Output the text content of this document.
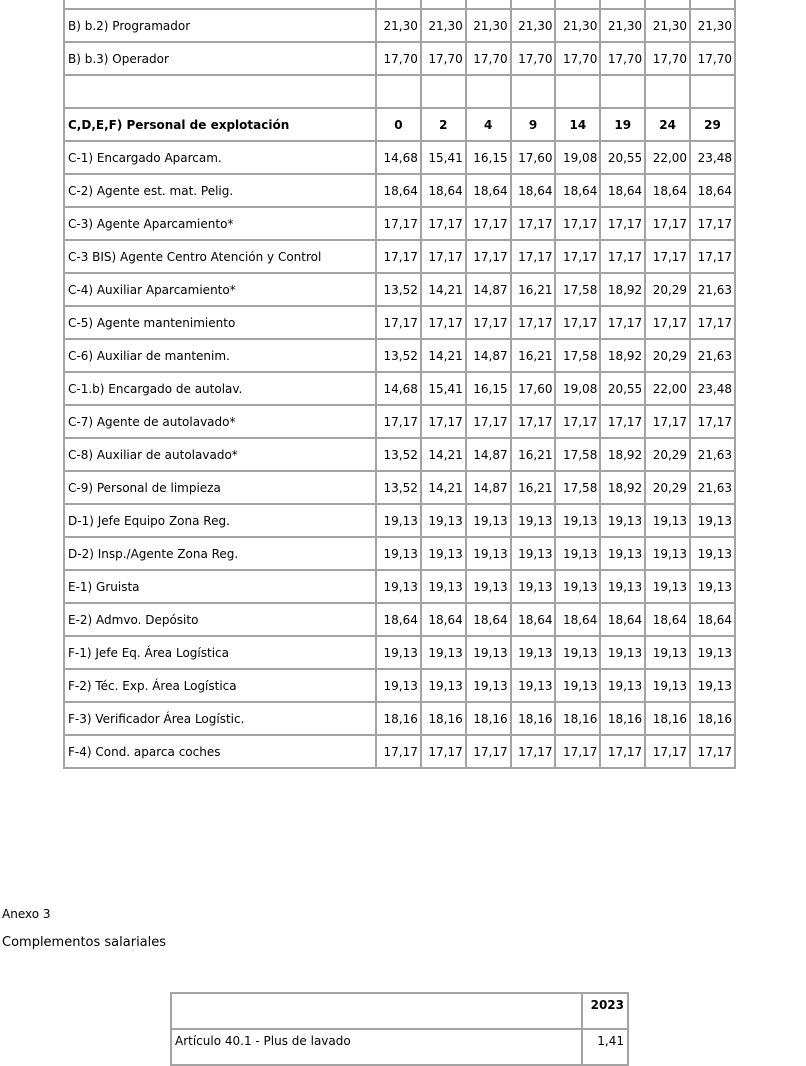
B) b.2) Programador	21,30	21,30	21,30	21,30	21,30	21,30	21,30	21,30
B) b.3) Operador	17,70	17,70	17,70	17,70	17,70	17,70	17,70	17,70

C,D,E,F) Personal de explotación	0	2	4	9	14	19	24	29
C-1) Encargado Aparcam.	14,68	15,41	16,15	17,60	19,08	20,55	22,00	23,48
C-2) Agente est. mat. Pelig.	18,64	18,64	18,64	18,64	18,64	18,64	18,64	18,64
C-3) Agente Aparcamiento*	17,17	17,17	17,17	17,17	17,17	17,17	17,17	17,17
C-3 BIS) Agente Centro Atención y Control	17,17	17,17	17,17	17,17	17,17	17,17	17,17	17,17
C-4) Auxiliar Aparcamiento*	13,52	14,21	14,87	16,21	17,58	18,92	20,29	21,63
C-5) Agente mantenimiento	17,17	17,17	17,17	17,17	17,17	17,17	17,17	17,17
C-6) Auxiliar de mantenim.	13,52	14,21	14,87	16,21	17,58	18,92	20,29	21,63
C-1.b) Encargado de autolav.	14,68	15,41	16,15	17,60	19,08	20,55	22,00	23,48
C-7) Agente de autolavado*	17,17	17,17	17,17	17,17	17,17	17,17	17,17	17,17
C-8) Auxiliar de autolavado*	13,52	14,21	14,87	16,21	17,58	18,92	20,29	21,63
C-9) Personal de limpieza	13,52	14,21	14,87	16,21	17,58	18,92	20,29	21,63
D-1) Jefe Equipo Zona Reg.	19,13	19,13	19,13	19,13	19,13	19,13	19,13	19,13
D-2) Insp./Agente Zona Reg.	19,13	19,13	19,13	19,13	19,13	19,13	19,13	19,13
E-1) Gruista	19,13	19,13	19,13	19,13	19,13	19,13	19,13	19,13
E-2) Admvo. Depósito	18,64	18,64	18,64	18,64	18,64	18,64	18,64	18,64
F-1) Jefe Eq. Área Logística	19,13	19,13	19,13	19,13	19,13	19,13	19,13	19,13
F-2) Téc. Exp. Área Logística	19,13	19,13	19,13	19,13	19,13	19,13	19,13	19,13
F-3) Verificador Área Logístic.	18,16	18,16	18,16	18,16	18,16	18,16	18,16	18,16
F-4) Cond. aparca coches	17,17	17,17	17,17	17,17	17,17	17,17	17,17	17,17

Anexo 3

Complementos salariales

	2023
Artículo 40.1 - Plus de lavado	1,41
